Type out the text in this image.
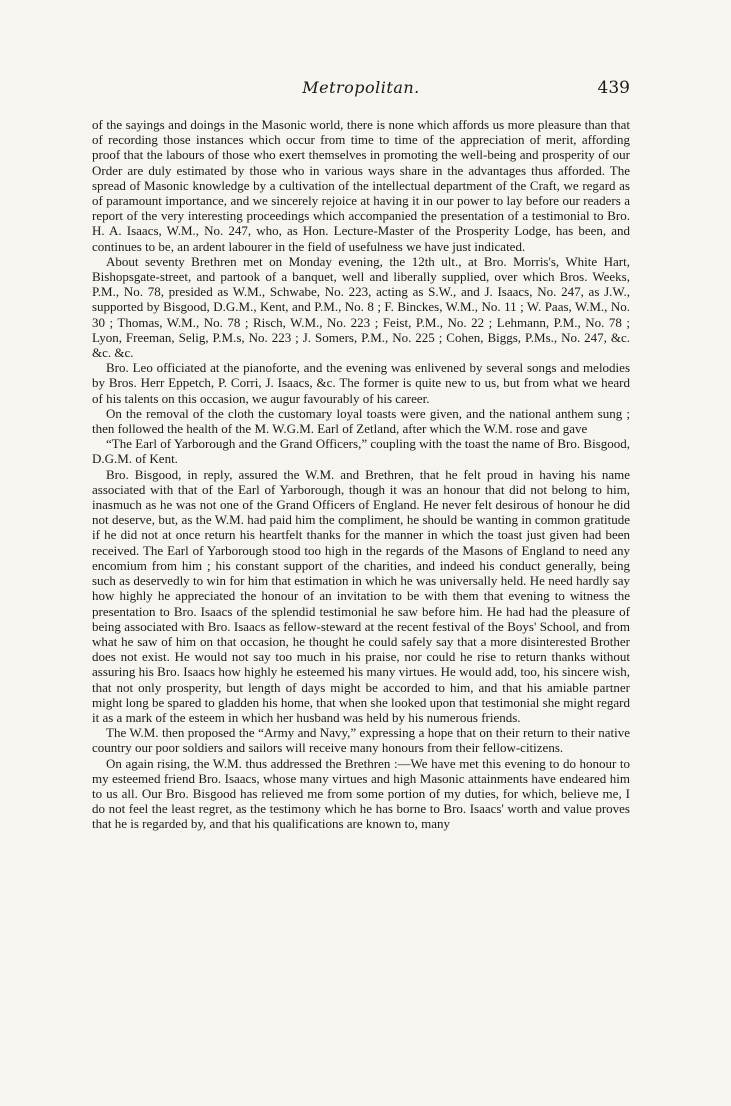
Metropolitan.	439

of the sayings and doings in the Masonic world, there is none which affords us more pleasure than that of recording those instances which occur from time to time of the appreciation of merit, affording proof that the labours of those who exert themselves in promoting the well-being and prosperity of our Order are duly estimated by those who in various ways share in the advantages thus afforded. The spread of Masonic knowledge by a cultivation of the intellectual department of the Craft, we regard as of paramount importance, and we sincerely rejoice at having it in our power to lay before our readers a report of the very interesting proceedings which accompanied the presentation of a testimonial to Bro. H. A. Isaacs, W.M., No. 247, who, as Hon. Lecture-Master of the Prosperity Lodge, has been, and continues to be, an ardent labourer in the field of usefulness we have just indicated.

About seventy Brethren met on Monday evening, the 12th ult., at Bro. Morris's, White Hart, Bishopsgate-street, and partook of a banquet, well and liberally supplied, over which Bros. Weeks, P.M., No. 78, presided as W.M., Schwabe, No. 223, acting as S.W., and J. Isaacs, No. 247, as J.W., supported by Bisgood, D.G.M., Kent, and P.M., No. 8 ; F. Binckes, W.M., No. 11 ; W. Paas, W.M., No. 30 ; Thomas, W.M., No. 78 ; Risch, W.M., No. 223 ; Feist, P.M., No. 22 ; Lehmann, P.M., No. 78 ; Lyon, Freeman, Selig, P.M.s, No. 223 ; J. Somers, P.M., No. 225 ; Cohen, Biggs, P.Ms., No. 247, &c. &c. &c.

Bro. Leo officiated at the pianoforte, and the evening was enlivened by several songs and melodies by Bros. Herr Eppetch, P. Corri, J. Isaacs, &c. The former is quite new to us, but from what we heard of his talents on this occasion, we augur favourably of his career.

On the removal of the cloth the customary loyal toasts were given, and the national anthem sung ; then followed the health of the M. W.G.M. Earl of Zetland, after which the W.M. rose and gave

“The Earl of Yarborough and the Grand Officers,” coupling with the toast the name of Bro. Bisgood, D.G.M. of Kent.

Bro. Bisgood, in reply, assured the W.M. and Brethren, that he felt proud in having his name associated with that of the Earl of Yarborough, though it was an honour that did not belong to him, inasmuch as he was not one of the Grand Officers of England. He never felt desirous of honour he did not deserve, but, as the W.M. had paid him the compliment, he should be wanting in common gratitude if he did not at once return his heartfelt thanks for the manner in which the toast just given had been received. The Earl of Yarborough stood too high in the regards of the Masons of England to need any encomium from him ; his constant support of the charities, and indeed his conduct generally, being such as deservedly to win for him that estimation in which he was universally held. He need hardly say how highly he appreciated the honour of an invitation to be with them that evening to witness the presentation to Bro. Isaacs of the splendid testimonial he saw before him. He had had the pleasure of being associated with Bro. Isaacs as fellow-steward at the recent festival of the Boys' School, and from what he saw of him on that occasion, he thought he could safely say that a more disinterested Brother does not exist. He would not say too much in his praise, nor could he rise to return thanks without assuring his Bro. Isaacs how highly he esteemed his many virtues. He would add, too, his sincere wish, that not only prosperity, but length of days might be accorded to him, and that his amiable partner might long be spared to gladden his home, that when she looked upon that testimonial she might regard it as a mark of the esteem in which her husband was held by his numerous friends.

The W.M. then proposed the “Army and Navy,” expressing a hope that on their return to their native country our poor soldiers and sailors will receive many honours from their fellow-citizens.

On again rising, the W.M. thus addressed the Brethren :—We have met this evening to do honour to my esteemed friend Bro. Isaacs, whose many virtues and high Masonic attainments have endeared him to us all. Our Bro. Bisgood has relieved me from some portion of my duties, for which, believe me, I do not feel the least regret, as the testimony which he has borne to Bro. Isaacs' worth and value proves that he is regarded by, and that his qualifications are known to, many
